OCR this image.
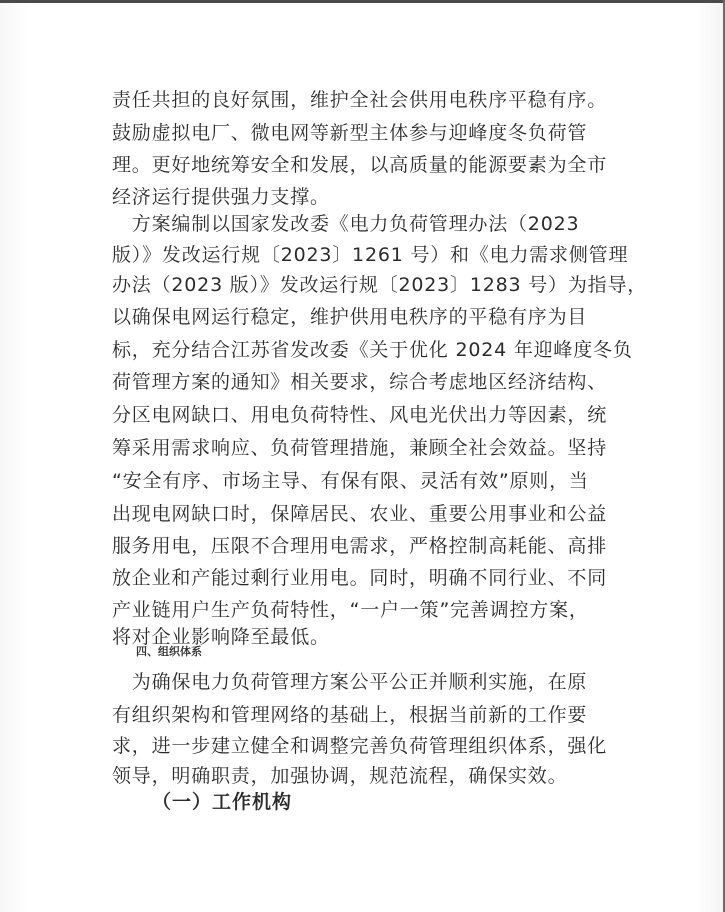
责任共担的良好氛围，维护全社会供用电秩序平稳有序。
鼓励虚拟电厂、微电网等新型主体参与迎峰度冬负荷管
理。更好地统筹安全和发展，以高质量的能源要素为全市
经济运行提供强力支撑。
　方案编制以国家发改委《电力负荷管理办法（2023
版）》发改运行规〔2023〕1261 号）和《电力需求侧管理
办法（2023 版）》发改运行规〔2023〕1283 号）为指导，
以确保电网运行稳定，维护供用电秩序的平稳有序为目
标，充分结合江苏省发改委《关于优化 2024 年迎峰度冬负
荷管理方案的通知》相关要求，综合考虑地区经济结构、
分区电网缺口、用电负荷特性、风电光伏出力等因素，统
筹采用需求响应、负荷管理措施，兼顾全社会效益。坚持
“安全有序、市场主导、有保有限、灵活有效”原则，当
出现电网缺口时，保障居民、农业、重要公用事业和公益
服务用电，压限不合理用电需求，严格控制高耗能、高排
放企业和产能过剩行业用电。同时，明确不同行业、不同
产业链用户生产负荷特性，“一户一策”完善调控方案，
将对企业影响降至最低。
四、组织体系
　为确保电力负荷管理方案公平公正并顺利实施，在原
有组织架构和管理网络的基础上，根据当前新的工作要
求，进一步建立健全和调整完善负荷管理组织体系，强化
领导，明确职责，加强协调，规范流程，确保实效。
（一）工作机构
